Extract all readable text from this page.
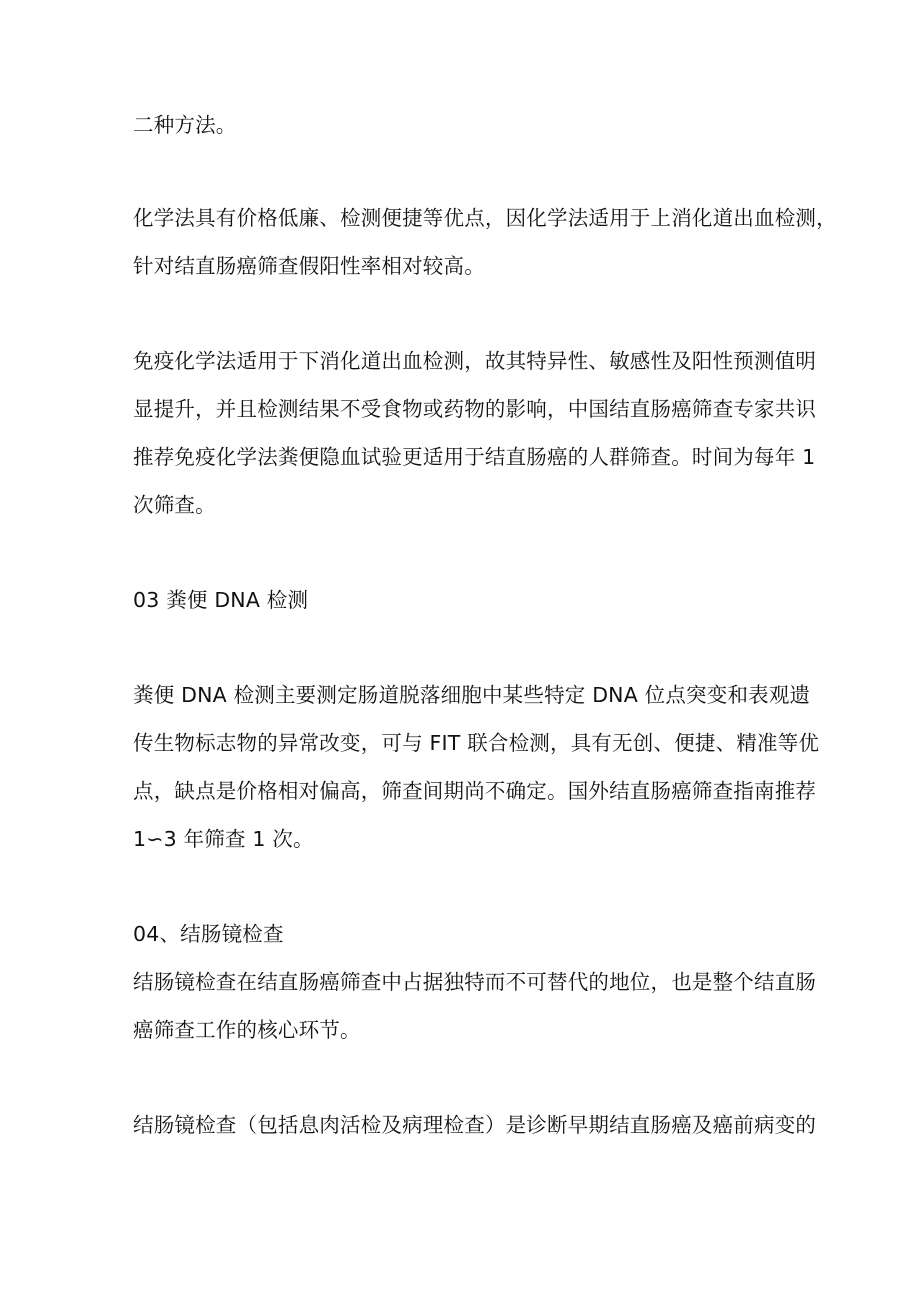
二种方法。
化学法具有价格低廉、检测便捷等优点，因化学法适用于上消化道出血检测，
针对结直肠癌筛查假阳性率相对较高。
免疫化学法适用于下消化道出血检测，故其特异性、敏感性及阳性预测值明
显提升，并且检测结果不受食物或药物的影响，中国结直肠癌筛查专家共识
推荐免疫化学法粪便隐血试验更适用于结直肠癌的人群筛查。时间为每年 1
次筛查。
03 粪便 DNA 检测
粪便 DNA 检测主要测定肠道脱落细胞中某些特定 DNA 位点突变和表观遗
传生物标志物的异常改变，可与 FIT 联合检测，具有无创、便捷、精准等优
点，缺点是价格相对偏高，筛查间期尚不确定。国外结直肠癌筛查指南推荐
1∽3 年筛查 1 次。
04、结肠镜检查
结肠镜检查在结直肠癌筛查中占据独特而不可替代的地位，也是整个结直肠
癌筛查工作的核心环节。
结肠镜检查（包括息肉活检及病理检查）是诊断早期结直肠癌及癌前病变的
